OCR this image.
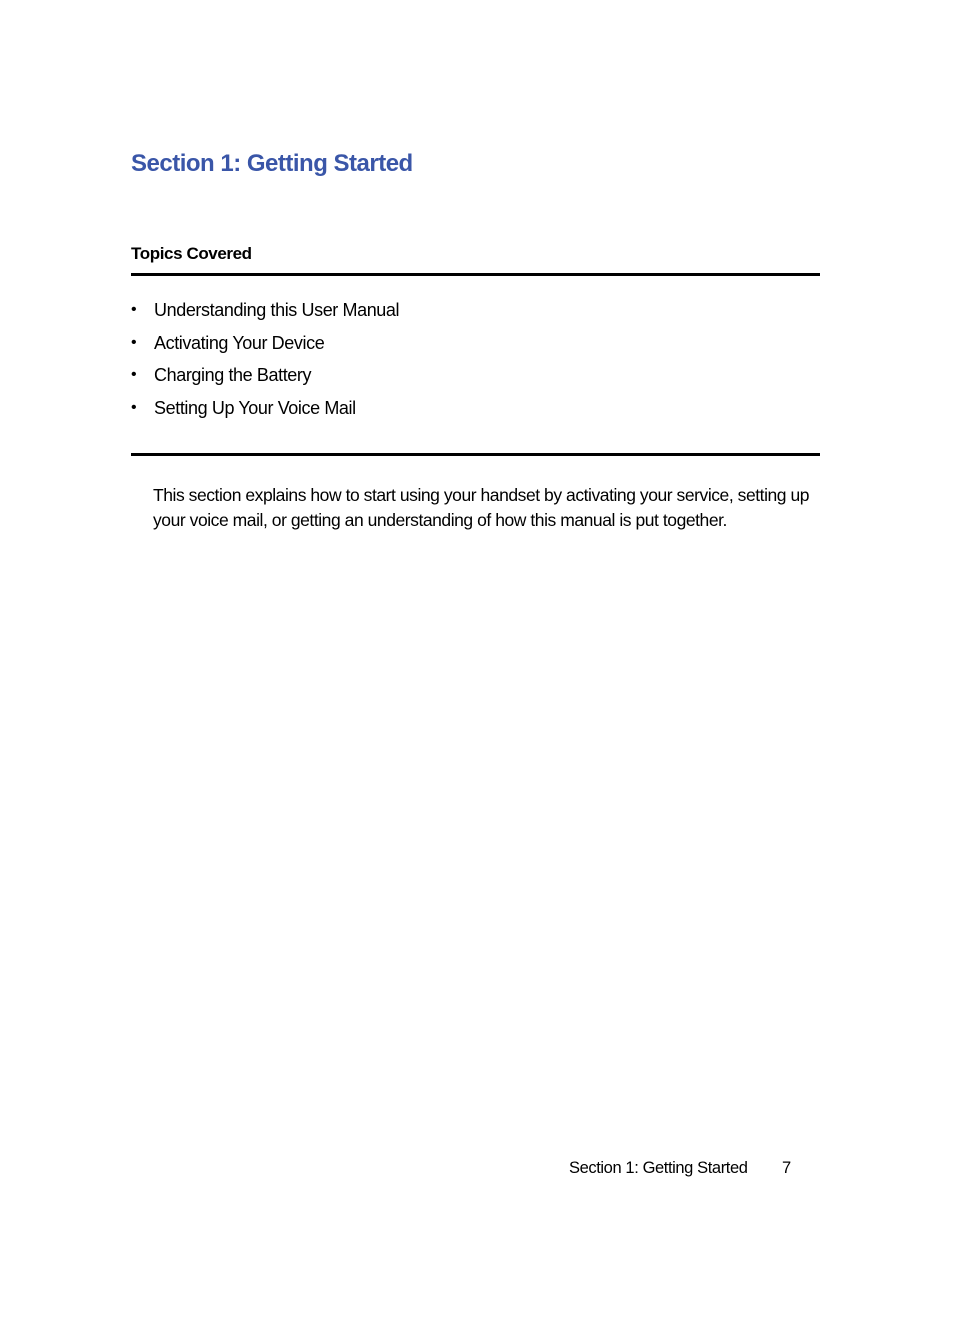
Section 1: Getting Started
Topics Covered
• Understanding this User Manual
• Activating Your Device
• Charging the Battery
• Setting Up Your Voice Mail

This section explains how to start using your handset by activating your service, setting up your voice mail, or getting an understanding of how this manual is put together.

Section 1: Getting Started 7
